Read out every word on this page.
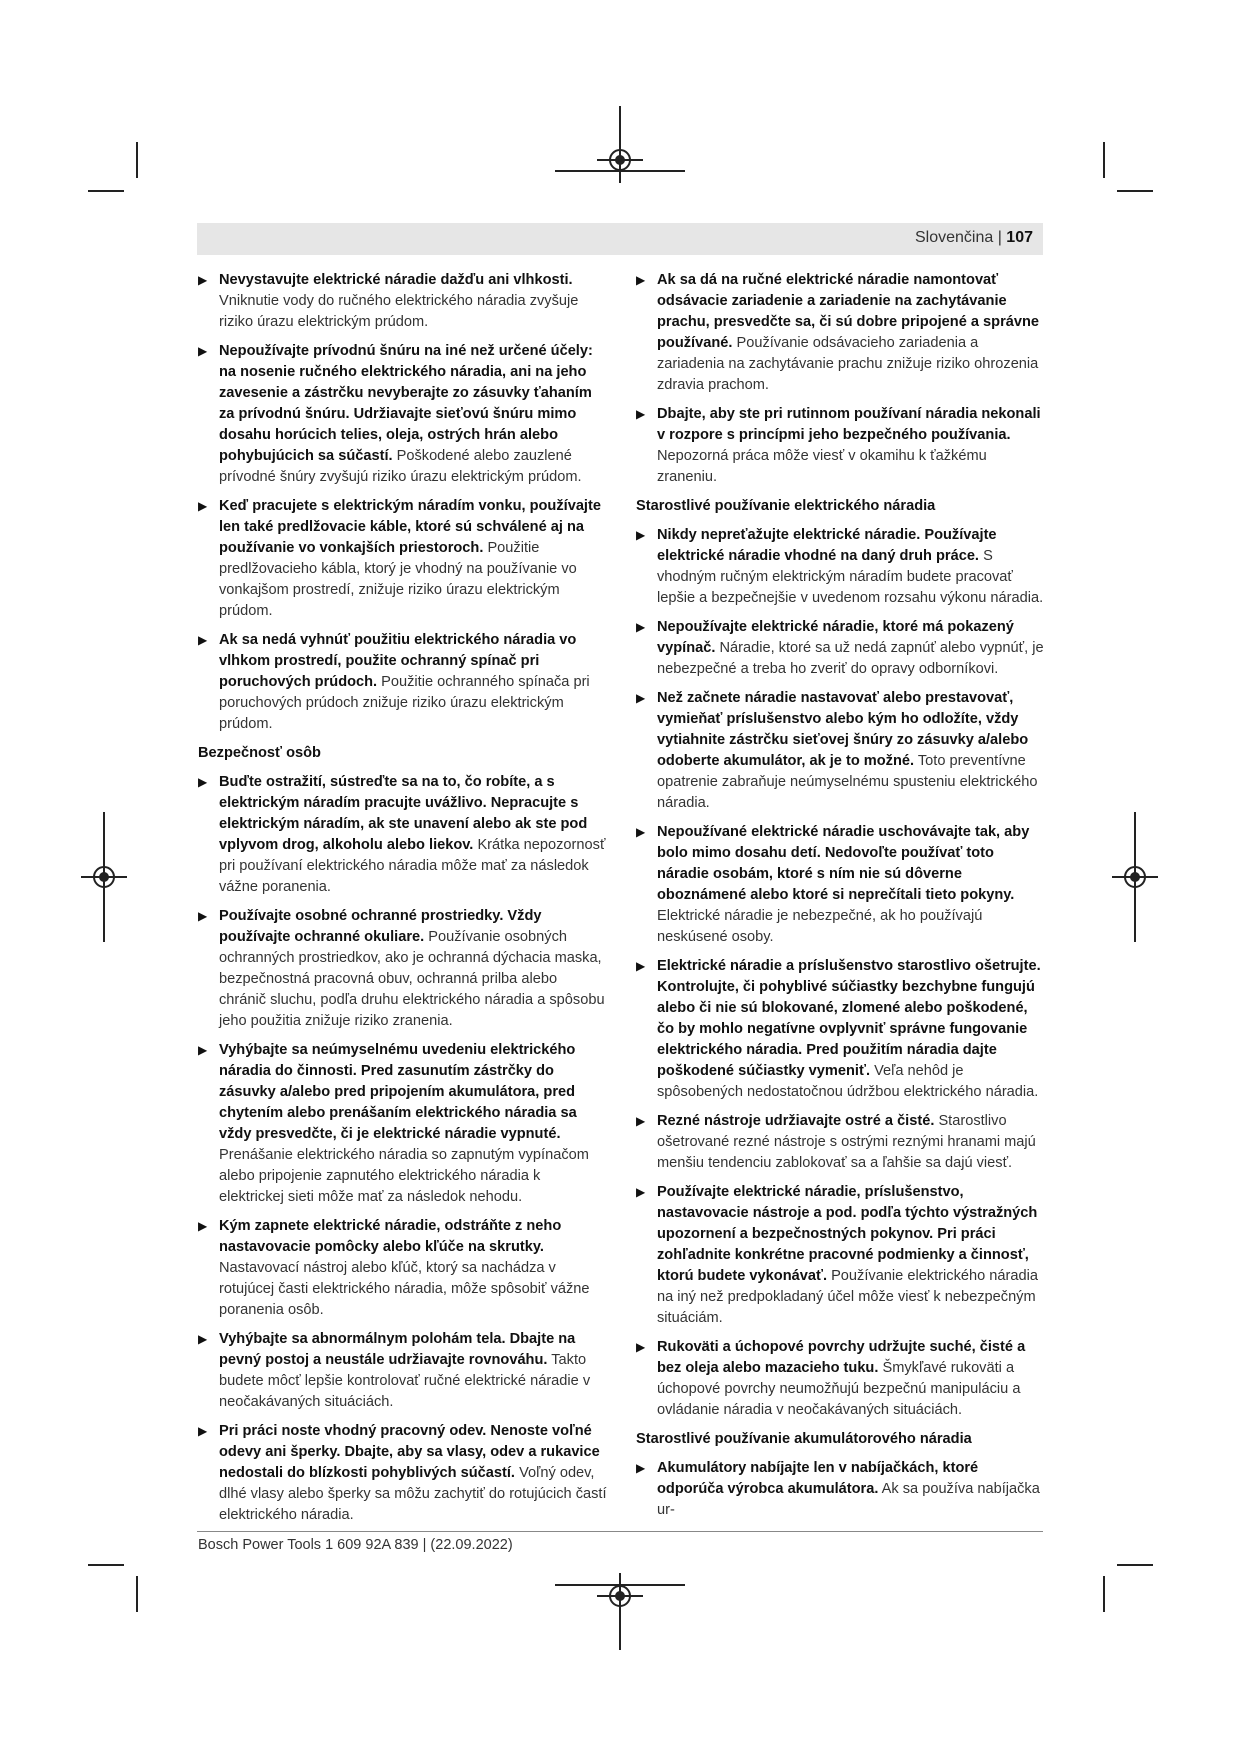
Slovenčina | 107
▶ Nevystavujte elektrické náradie dažďu ani vlhkosti. Vniknutie vody do ručného elektrického náradia zvyšuje riziko úrazu elektrickým prúdom.
▶ Nepoužívajte prívodnú šnúru na iné než určené účely: na nosenie ručného elektrického náradia, ani na jeho zavesenie a zástrčku nevyberajte zo zásuvky ťahaním za prívodnú šnúru. Udržiavajte sieťovú šnúru mimo dosahu horúcich telies, oleja, ostrých hrán alebo pohybujúcich sa súčastí. Poškodené alebo zauzlené prívodné šnúry zvyšujú riziko úrazu elektrickým prúdom.
▶ Keď pracujete s elektrickým náradím vonku, používajte len také predlžovacie káble, ktoré sú schválené aj na používanie vo vonkajších priestoroch. Použitie predlžovacieho kábla, ktorý je vhodný na používanie vo vonkajšom prostredí, znižuje riziko úrazu elektrickým prúdom.
▶ Ak sa nedá vyhnúť použitiu elektrického náradia vo vlhkom prostredí, použite ochranný spínač pri poruchových prúdoch. Použitie ochranného spínača pri poruchových prúdoch znižuje riziko úrazu elektrickým prúdom.
Bezpečnosť osôb
▶ Buďte ostražití, sústreďte sa na to, čo robíte, a s elektrickým náradím pracujte uvážlivo. Nepracujte s elektrickým náradím, ak ste unavení alebo ak ste pod vplyvom drog, alkoholu alebo liekov. Krátka nepozornosť pri používaní elektrického náradia môže mať za následok vážne poranenia.
▶ Používajte osobné ochranné prostriedky. Vždy používajte ochranné okuliare. Používanie osobných ochranných prostriedkov, ako je ochranná dýchacia maska, bezpečnostná pracovná obuv, ochranná prilba alebo chránič sluchu, podľa druhu elektrického náradia a spôsobu jeho použitia znižuje riziko zranenia.
▶ Vyhýbajte sa neúmyselnému uvedeniu elektrického náradia do činnosti. Pred zasunutím zástrčky do zásuvky a/alebo pred pripojením akumulátora, pred chytením alebo prenášaním elektrického náradia sa vždy presvedčte, či je elektrické náradie vypnuté. Prenášanie elektrického náradia so zapnutým vypínačom alebo pripojenie zapnutého elektrického náradia k elektrickej sieti môže mať za následok nehodu.
▶ Kým zapnete elektrické náradie, odstráňte z neho nastavovacie pomôcky alebo kľúče na skrutky. Nastavovací nástroj alebo kľúč, ktorý sa nachádza v rotujúcej časti elektrického náradia, môže spôsobiť vážne poranenia osôb.
▶ Vyhýbajte sa abnormálnym polohám tela. Dbajte na pevný postoj a neustále udržiavajte rovnováhu. Takto budete môcť lepšie kontrolovať ručné elektrické náradie v neočakávaných situáciách.
▶ Pri práci noste vhodný pracovný odev. Nenoste voľné odevy ani šperky. Dbajte, aby sa vlasy, odev a rukavice nedostali do blízkosti pohyblivých súčastí. Voľný odev, dlhé vlasy alebo šperky sa môžu zachytiť do rotujúcich častí elektrického náradia.
▶ Ak sa dá na ručné elektrické náradie namontovať odsávacie zariadenie a zariadenie na zachytávanie prachu, presvedčte sa, či sú dobre pripojené a správne používané. Používanie odsávacieho zariadenia a zariadenia na zachytávanie prachu znižuje riziko ohrozenia zdravia prachom.
▶ Dbajte, aby ste pri rutinnom používaní náradia nekonali v rozpore s princípmi jeho bezpečného používania. Nepozorná práca môže viesť v okamihu k ťažkému zraneniu.
Starostlivé používanie elektrického náradia
▶ Nikdy nepreťažujte elektrické náradie. Používajte elektrické náradie vhodné na daný druh práce. S vhodným ručným elektrickým náradím budete pracovať lepšie a bezpečnejšie v uvedenom rozsahu výkonu náradia.
▶ Nepoužívajte elektrické náradie, ktoré má pokazený vypínač. Náradie, ktoré sa už nedá zapnúť alebo vypnúť, je nebezpečné a treba ho zveriť do opravy odborníkovi.
▶ Než začnete náradie nastavovať alebo prestavovať, vymieňať príslušenstvo alebo kým ho odložíte, vždy vytiahnite zástrčku sieťovej šnúry zo zásuvky a/alebo odoberte akumulátor, ak je to možné. Toto preventívne opatrenie zabraňuje neúmyselnému spusteniu elektrického náradia.
▶ Nepoužívané elektrické náradie uschovávajte tak, aby bolo mimo dosahu detí. Nedovoľte používať toto náradie osobám, ktoré s ním nie sú dôverne oboznámené alebo ktoré si neprečítali tieto pokyny. Elektrické náradie je nebezpečné, ak ho používajú neskúsené osoby.
▶ Elektrické náradie a príslušenstvo starostlivo ošetrujte. Kontrolujte, či pohyblivé súčiastky bezchybne fungujú alebo či nie sú blokované, zlomené alebo poškodené, čo by mohlo negatívne ovplyvniť správne fungovanie elektrického náradia. Pred použitím náradia dajte poškodené súčiastky vymeniť. Veľa nehôd je spôsobených nedostatočnou údržbou elektrického náradia.
▶ Rezné nástroje udržiavajte ostré a čisté. Starostlivo ošetrované rezné nástroje s ostrými reznými hranami majú menšiu tendenciu zablokovať sa a ľahšie sa dajú viesť.
▶ Používajte elektrické náradie, príslušenstvo, nastavovacie nástroje a pod. podľa týchto výstražných upozornení a bezpečnostných pokynov. Pri práci zohľadnite konkrétne pracovné podmienky a činnosť, ktorú budete vykonávať. Používanie elektrického náradia na iný než predpokladaný účel môže viesť k nebezpečným situáciám.
▶ Rukoväti a úchopové povrchy udržujte suché, čisté a bez oleja alebo mazacieho tuku. Šmykľavé rukoväti a úchopové povrchy neumožňujú bezpečnú manipuláciu a ovládanie náradia v neočakávaných situáciách.
Starostlivé používanie akumulátorového náradia
▶ Akumulátory nabíjajte len v nabíjačkách, ktoré odporúča výrobca akumulátora. Ak sa používa nabíjačka ur-
Bosch Power Tools 1 609 92A 839 | (22.09.2022)
